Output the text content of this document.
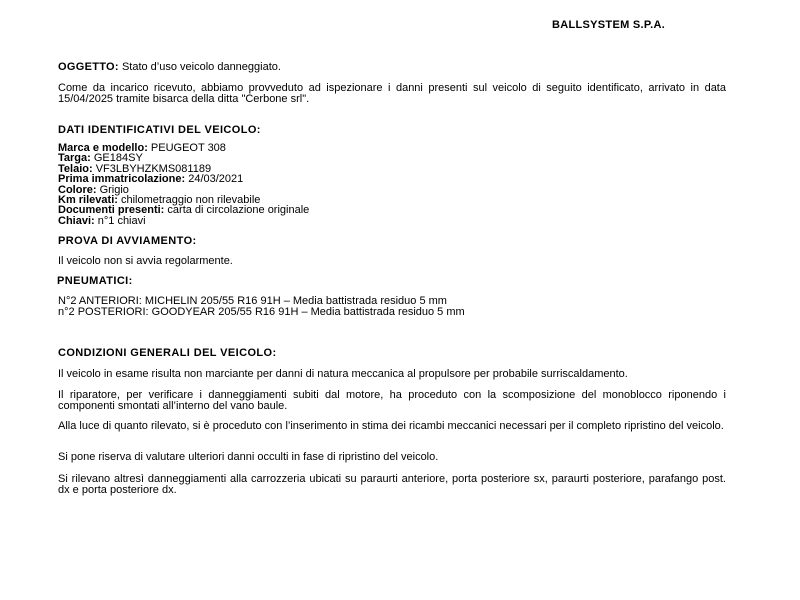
BALLSYSTEM S.P.A.
OGGETTO: Stato d’uso veicolo danneggiato.
Come da incarico ricevuto, abbiamo provveduto ad ispezionare i danni presenti sul veicolo di seguito identificato, arrivato in data 15/04/2025 tramite bisarca della ditta "Cerbone srl".
DATI IDENTIFICATIVI DEL VEICOLO:
Marca e modello: PEUGEOT 308
Targa: GE184SY
Telaio: VF3LBYHZKMS081189
Prima immatricolazione: 24/03/2021
Colore: Grigio
Km rilevati: chilometraggio non rilevabile
Documenti presenti: carta di circolazione originale
Chiavi: n°1 chiavi
PROVA DI AVVIAMENTO:
Il veicolo non si avvia regolarmente.
PNEUMATICI:
N°2 ANTERIORI: MICHELIN 205/55 R16 91H – Media battistrada residuo 5 mm
n°2 POSTERIORI: GOODYEAR 205/55 R16 91H – Media battistrada residuo 5 mm
CONDIZIONI GENERALI DEL VEICOLO:
Il veicolo in esame risulta non marciante per danni di natura meccanica al propulsore per probabile surriscaldamento.
Il riparatore, per verificare i danneggiamenti subiti dal motore, ha proceduto con la scomposizione del monoblocco riponendo i componenti smontati all’interno del vano baule.
Alla luce di quanto rilevato, si è proceduto con l’inserimento in stima dei ricambi meccanici necessari per il completo ripristino del veicolo.
Si pone riserva di valutare ulteriori danni occulti in fase di ripristino del veicolo.
Si rilevano altresì danneggiamenti alla carrozzeria ubicati su paraurti anteriore, porta posteriore sx, paraurti posteriore, parafango post. dx e porta posteriore dx.
